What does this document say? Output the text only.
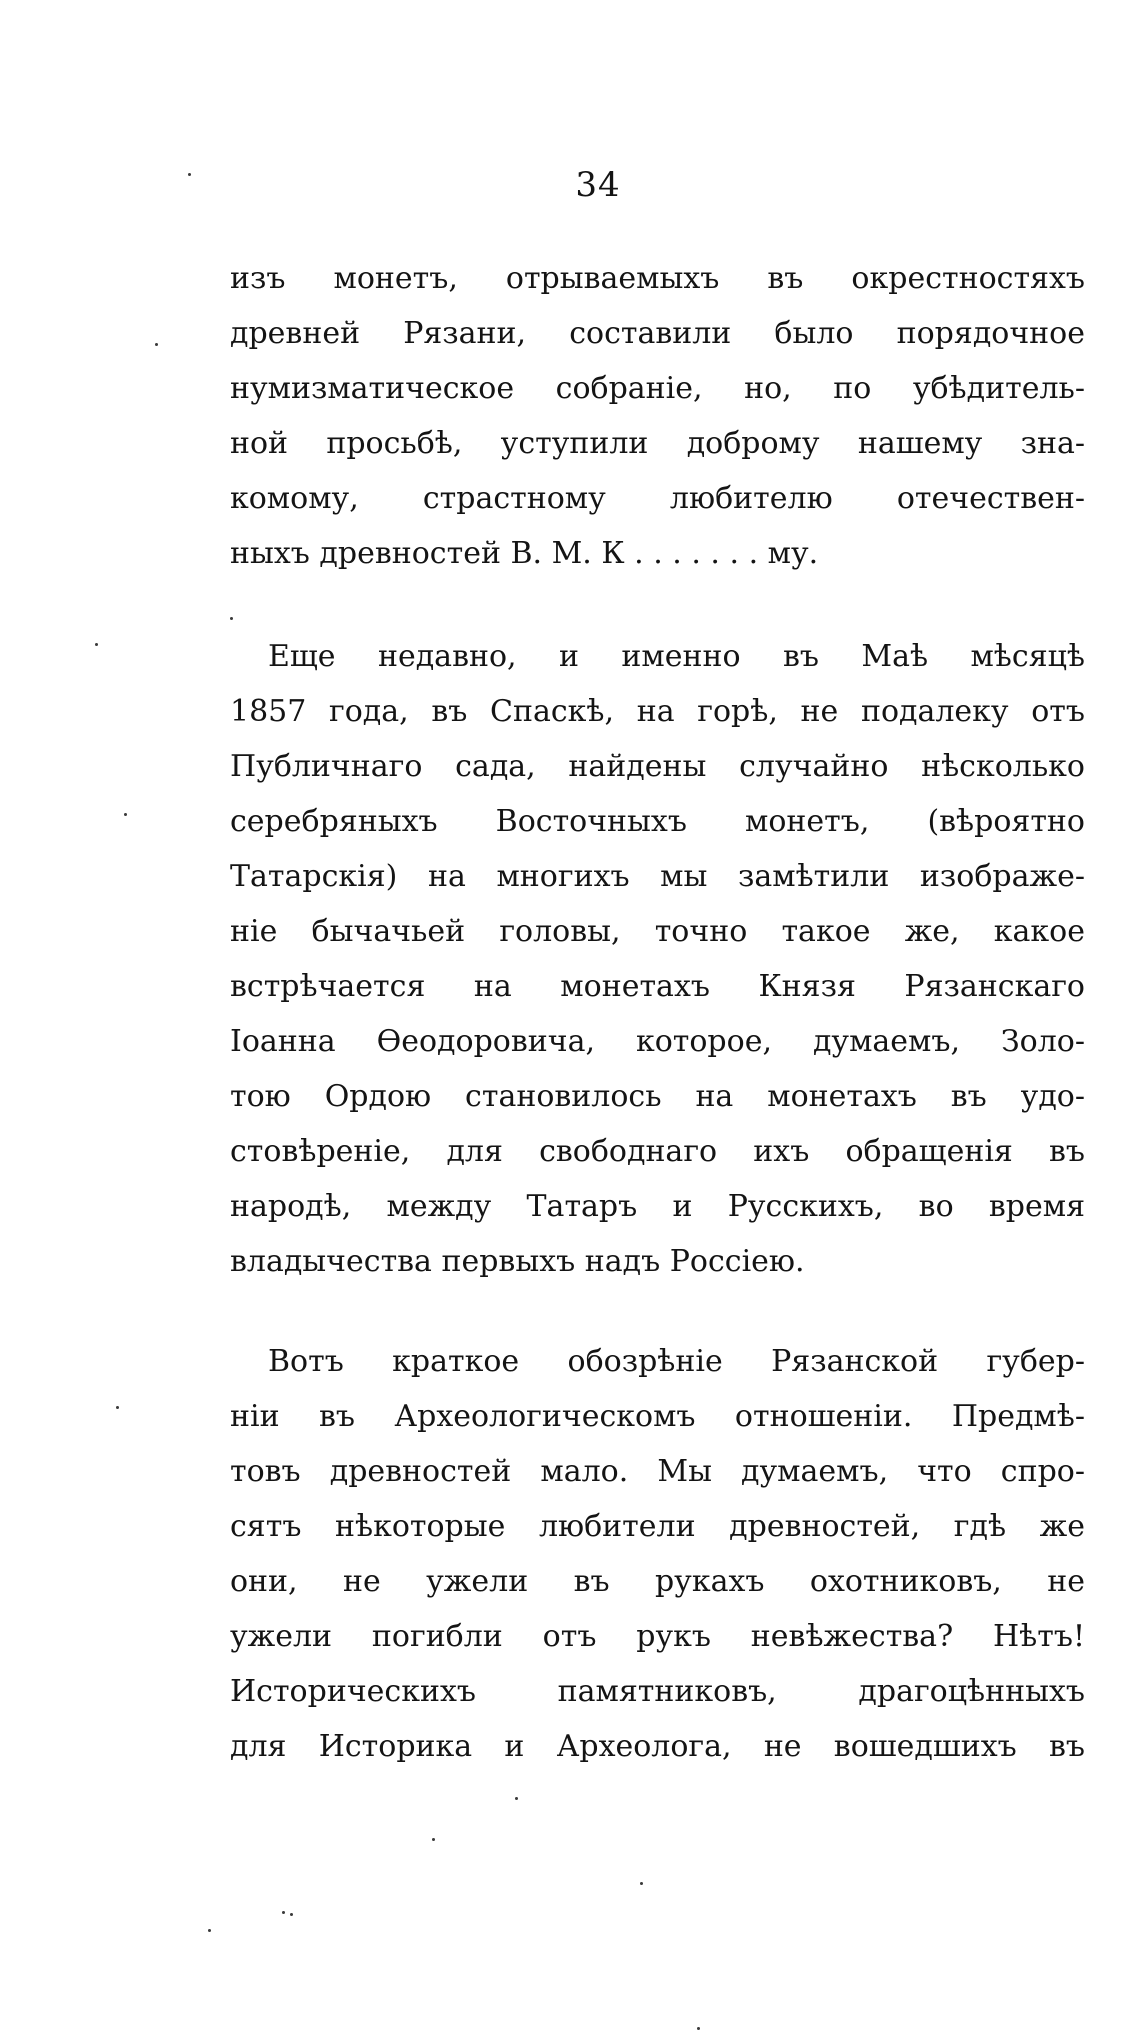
34
изъ монетъ, отрываемыхъ въ окрестностяхъ
древней Рязани, составили было порядочное
нумизматическое собраніе, но, по убѣдитель-
ной просьбѣ, уступили доброму нашему зна-
комому, страстному любителю отечествен-
ныхъ древностей В. М. К . . . . . . . му.
Еще недавно, и именно въ Маѣ мѣсяцѣ
1857 года, въ Спаскѣ, на горѣ, не подалеку отъ
Публичнаго сада, найдены случайно нѣсколько
серебряныхъ Восточныхъ монетъ, (вѣроятно
Татарскія) на многихъ мы замѣтили изображе-
ніе бычачьей головы, точно такое же, какое
встрѣчается на монетахъ Князя Рязанскаго
Іоанна Ѳеодоровича, которое, думаемъ, Золо-
тою Ордою становилось на монетахъ въ удо-
стовѣреніе, для свободнаго ихъ обращенія въ
народѣ, между Татаръ и Русскихъ, во время
владычества первыхъ надъ Россіею.
Вотъ краткое обозрѣніе Рязанской губер-
ніи въ Археологическомъ отношеніи. Предмѣ-
товъ древностей мало. Мы думаемъ, что спро-
сятъ нѣкоторые любители древностей, гдѣ же
они, не ужели въ рукахъ охотниковъ, не
ужели погибли отъ рукъ невѣжества? Нѣтъ!
Историческихъ памятниковъ, драгоцѣнныхъ
для Историка и Археолога, не вошедшихъ въ
